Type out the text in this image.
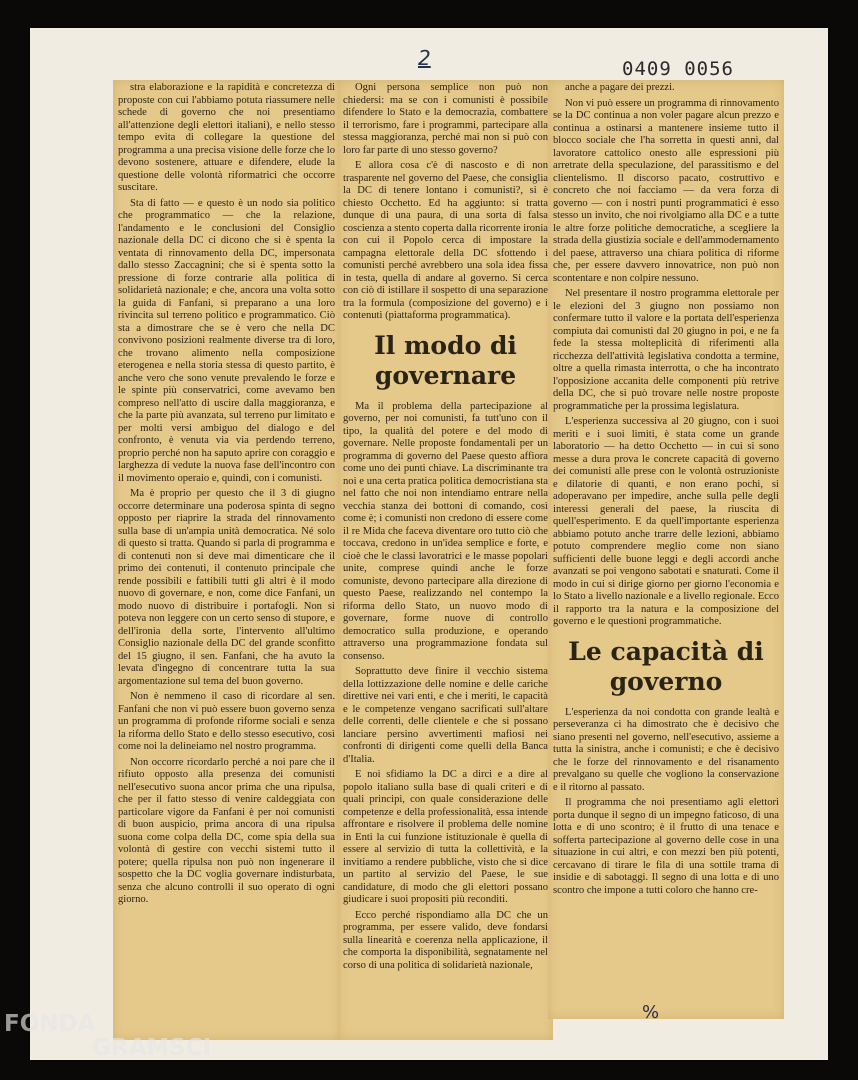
2	0409 0056

stra elaborazione e la rapidità e concretezza di proposte con cui l'abbiamo potuta riassumere nelle schede di governo che noi presentiamo all'attenzione degli elettori italiani), e nello stesso tempo evita di collegare la questione del programma a una precisa visione delle forze che lo devono sostenere, attuare e difendere, elude la questione delle volontà riformatrici che occorre suscitare.

Sta di fatto — e questo è un nodo sia politico che programmatico — che la relazione, l'andamento e le conclusioni del Consiglio nazionale della DC ci dicono che si è spenta la ventata di rinnovamento della DC, impersonata dallo stesso Zaccagnini; che si è spenta sotto la pressione di forze contrarie alla politica di solidarietà nazionale; e che, ancora una volta sotto la guida di Fanfani, si preparano a una loro rivincita sul terreno politico e programmatico. Ciò sta a dimostrare che se è vero che nella DC convivono posizioni realmente diverse tra di loro, che trovano alimento nella composizione eterogenea e nella storia stessa di questo partito, è anche vero che sono venute prevalendo le forze e le spinte più conservatrici, come avevamo ben compreso nell'atto di uscire dalla maggioranza, e che la parte più avanzata, sul terreno pur limitato e per molti versi ambiguo del dialogo e del confronto, è venuta via via perdendo terreno, proprio perché non ha saputo aprire con coraggio e larghezza di vedute la nuova fase dell'incontro con il movimento operaio e, quindi, con i comunisti.

Ma è proprio per questo che il 3 di giugno occorre determinare una poderosa spinta di segno opposto per riaprire la strada del rinnovamento sulla base di un'ampia unità democratica. Né solo di questo si tratta. Quando si parla di programma e di contenuti non si deve mai dimenticare che il primo dei contenuti, il contenuto principale che rende possibili e fattibili tutti gli altri è il modo nuovo di governare, e non, come dice Fanfani, un modo nuovo di distribuire i portafogli. Non si poteva non leggere con un certo senso di stupore, e dell'ironia della sorte, l'intervento all'ultimo Consiglio nazionale della DC del grande sconfitto del 15 giugno, il sen. Fanfani, che ha avuto la levata d'ingegno di concentrare tutta la sua argomentazione sul tema del buon governo.

Non è nemmeno il caso di ricordare al sen. Fanfani che non vi può essere buon governo senza un programma di profonde riforme sociali e senza la riforma dello Stato e dello stesso esecutivo, così come noi la delineiamo nel nostro programma.

Non occorre ricordarlo perché a noi pare che il rifiuto opposto alla presenza dei comunisti nell'esecutivo suona ancor prima che una ripulsa, che per il fatto stesso di venire caldeggiata con particolare vigore da Fanfani è per noi comunisti di buon auspicio, prima ancora di una ripulsa suona come colpa della DC, come spia della sua volontà di gestire con vecchi sistemi tutto il potere; quella ripulsa non può non ingenerare il sospetto che la DC voglia governare indisturbata, senza che alcuno controlli il suo operato di ogni giorno.

Ogni persona semplice non può non chiedersi: ma se con i comunisti è possibile difendere lo Stato e la democrazia, combattere il terrorismo, fare i programmi, partecipare alla stessa maggioranza, perché mai non si può con loro far parte di uno stesso governo?

E allora cosa c'è di nascosto e di non trasparente nel governo del Paese, che consiglia la DC di tenere lontano i comunisti?, si è chiesto Occhetto. Ed ha aggiunto: si tratta dunque di una paura, di una sorta di falsa coscienza a stento coperta dalla ricorrente ironia con cui il Popolo cerca di impostare la campagna elettorale della DC sfottendo i comunisti perché avrebbero una sola idea fissa in testa, quella di andare al governo. Si cerca con ciò di istillare il sospetto di una separazione tra la formula (composizione del governo) e i contenuti (piattaforma programmatica).

Il modo di governare

Ma il problema della partecipazione al governo, per noi comunisti, fa tutt'uno con il tipo, la qualità del potere e del modo di governare. Nelle proposte fondamentali per un programma di governo del Paese questo affiora come uno dei punti chiave. La discriminante tra noi e una certa pratica politica democristiana sta nel fatto che noi non intendiamo entrare nella vecchia stanza dei bottoni di comando, così come è; i comunisti non credono di essere come il re Mida che faceva diventare oro tutto ciò che toccava, credono in un'idea semplice e forte, e cioè che le classi lavoratrici e le masse popolari unite, comprese quindi anche le forze comuniste, devono partecipare alla direzione di questo Paese, realizzando nel contempo la riforma dello Stato, un nuovo modo di governare, forme nuove di controllo democratico sulla produzione, e operando attraverso una programmazione fondata sul consenso.

Soprattutto deve finire il vecchio sistema della lottizzazione delle nomine e delle cariche direttive nei vari enti, e che i meriti, le capacità e le competenze vengano sacrificati sull'altare delle correnti, delle clientele e che si possano lanciare persino avvertimenti mafiosi nei confronti di dirigenti come quelli della Banca d'Italia.

E noi sfidiamo la DC a dirci e a dire al popolo italiano sulla base di quali criteri e di quali principi, con quale considerazione delle competenze e della professionalità, essa intende affrontare e risolvere il problema delle nomine in Enti la cui funzione istituzionale è quella di essere al servizio di tutta la collettività, e la invitiamo a rendere pubbliche, visto che si dice un partito al servizio del Paese, le sue candidature, di modo che gli elettori possano giudicare i suoi propositi più reconditi.

Ecco perché rispondiamo alla DC che un programma, per essere valido, deve fondarsi sulla linearità e coerenza nella applicazione, il che comporta la disponibilità, segnatamente nel corso di una politica di solidarietà nazionale,

anche a pagare dei prezzi.

Non vi può essere un programma di rinnovamento se la DC continua a non voler pagare alcun prezzo e continua a ostinarsi a mantenere insieme tutto il blocco sociale che l'ha sorretta in questi anni, dal lavoratore cattolico onesto alle espressioni più arretrate della speculazione, del parassitismo e del clientelismo. Il discorso pacato, costruttivo e concreto che noi facciamo — da vera forza di governo — con i nostri punti programmatici è esso stesso un invito, che noi rivolgiamo alla DC e a tutte le altre forze politiche democratiche, a scegliere la strada della giustizia sociale e dell'ammodernamento del paese, attraverso una chiara politica di riforme che, per essere davvero innovatrice, non può non scontentare e non colpire nessuno.

Nel presentare il nostro programma elettorale per le elezioni del 3 giugno non possiamo non confermare tutto il valore e la portata dell'esperienza compiuta dai comunisti dal 20 giugno in poi, e ne fa fede la stessa molteplicità di riferimenti alla ricchezza dell'attività legislativa condotta a termine, oltre a quella rimasta interrotta, o che ha incontrato l'opposizione accanita delle componenti più retrive della DC, che si può trovare nelle nostre proposte programmatiche per la prossima legislatura.

L'esperienza successiva al 20 giugno, con i suoi meriti e i suoi limiti, è stata come un grande laboratorio — ha detto Occhetto — in cui si sono messe a dura prova le concrete capacità di governo dei comunisti alle prese con le volontà ostruzioniste e dilatorie di quanti, e non erano pochi, si adoperavano per impedire, anche sulla pelle degli interessi generali del paese, la riuscita di quell'esperimento. E da quell'importante esperienza abbiamo potuto anche trarre delle lezioni, abbiamo potuto comprendere meglio come non siano sufficienti delle buone leggi e degli accordi anche avanzati se poi vengono sabotati e snaturati. Come il modo in cui si dirige giorno per giorno l'economia e lo Stato a livello nazionale e a livello regionale. Ecco il rapporto tra la natura e la composizione del governo e le questioni programmatiche.

Le capacità di governo

L'esperienza da noi condotta con grande lealtà e perseveranza ci ha dimostrato che è decisivo che siano presenti nel governo, nell'esecutivo, assieme a tutta la sinistra, anche i comunisti; e che è decisivo che le forze del rinnovamento e del risanamento prevalgano su quelle che vogliono la conservazione e il ritorno al passato.

Il programma che noi presentiamo agli elettori porta dunque il segno di un impegno faticoso, di una lotta e di uno scontro; è il frutto di una tenace e sofferta partecipazione al governo delle cose in una situazione in cui altri, e con mezzi ben più potenti, cercavano di tirare le fila di una sottile trama di insidie e di sabotaggi. Il segno di una lotta e di uno scontro che impone a tutti coloro che hanno cre-

%
FONDA
GRAMSCI
